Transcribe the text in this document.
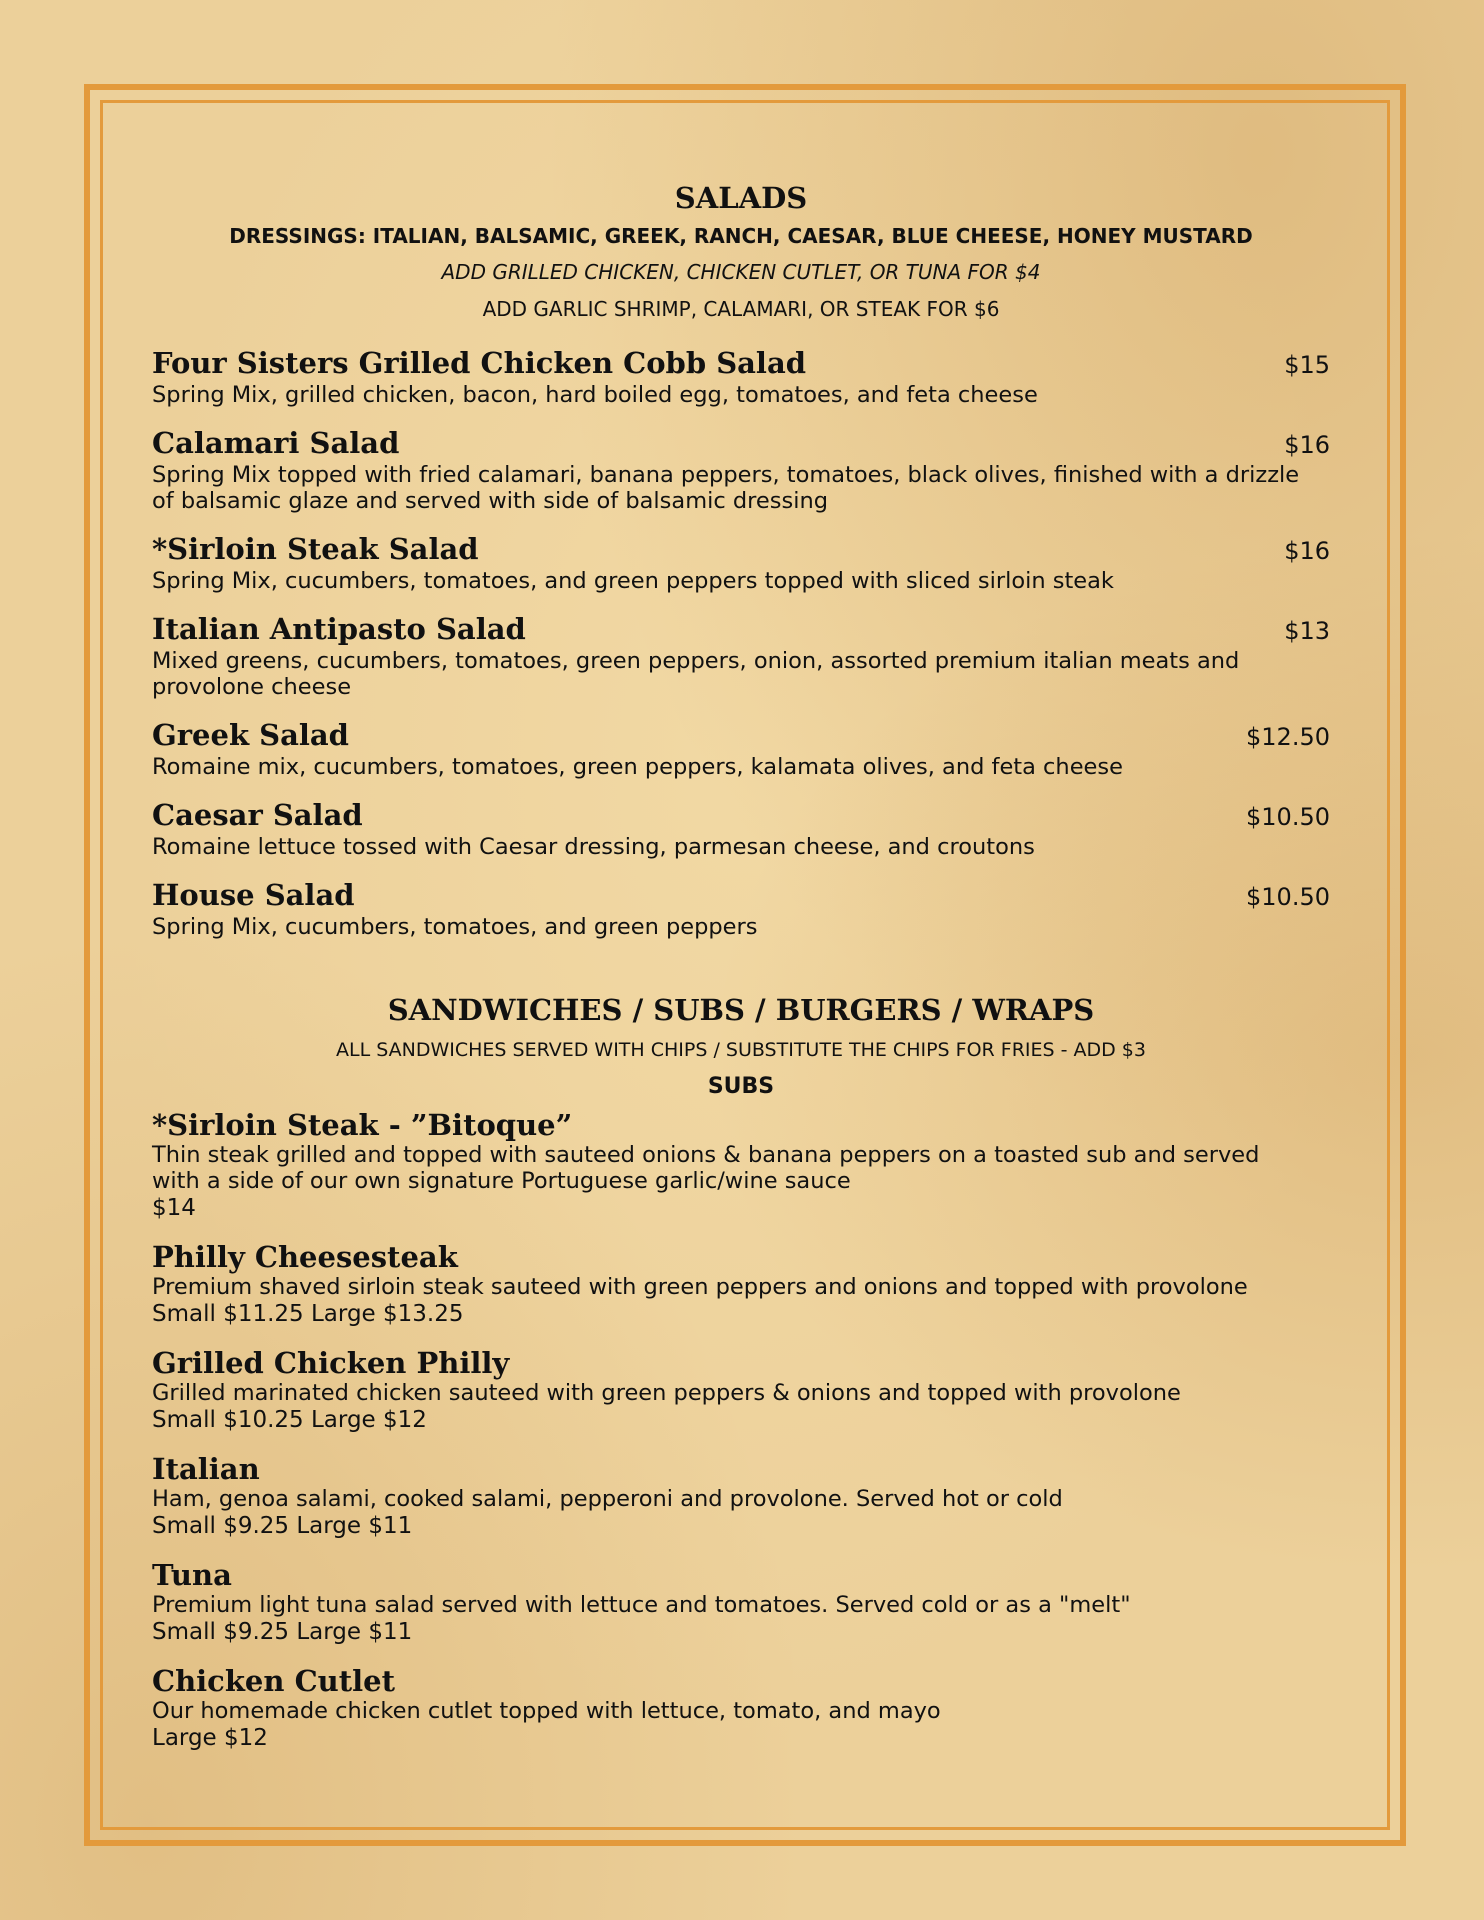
SALADS
DRESSINGS: ITALIAN, BALSAMIC, GREEK, RANCH, CAESAR, BLUE CHEESE, HONEY MUSTARD
ADD GRILLED CHICKEN, CHICKEN CUTLET, OR TUNA FOR $4
ADD GARLIC SHRIMP, CALAMARI, OR STEAK FOR $6
Four Sisters Grilled Chicken Cobb Salad	$15
Spring Mix, grilled chicken, bacon, hard boiled egg, tomatoes, and feta cheese
Calamari Salad	$16
Spring Mix topped with fried calamari, banana peppers, tomatoes, black olives, finished with a drizzle of balsamic glaze and served with side of balsamic dressing
*Sirloin Steak Salad	$16
Spring Mix, cucumbers, tomatoes, and green peppers topped with sliced sirloin steak
Italian Antipasto Salad	$13
Mixed greens, cucumbers, tomatoes, green peppers, onion, assorted premium italian meats and provolone cheese
Greek Salad	$12.50
Romaine mix, cucumbers, tomatoes, green peppers, kalamata olives, and feta cheese
Caesar Salad	$10.50
Romaine lettuce tossed with Caesar dressing, parmesan cheese, and croutons
House Salad	$10.50
Spring Mix, cucumbers, tomatoes, and green peppers
SANDWICHES / SUBS / BURGERS / WRAPS
ALL SANDWICHES SERVED WITH CHIPS / SUBSTITUTE THE CHIPS FOR FRIES - ADD $3
SUBS
*Sirloin Steak - ”Bitoque”
Thin steak grilled and topped with sauteed onions & banana peppers on a toasted sub and served with a side of our own signature Portuguese garlic/wine sauce
$14
Philly Cheesesteak
Premium shaved sirloin steak sauteed with green peppers and onions and topped with provolone
Small $11.25 Large $13.25
Grilled Chicken Philly
Grilled marinated chicken sauteed with green peppers & onions and topped with provolone
Small $10.25 Large $12
Italian
Ham, genoa salami, cooked salami, pepperoni and provolone. Served hot or cold
Small $9.25 Large $11
Tuna
Premium light tuna salad served with lettuce and tomatoes. Served cold or as a "melt"
Small $9.25 Large $11
Chicken Cutlet
Our homemade chicken cutlet topped with lettuce, tomato, and mayo
Large $12
